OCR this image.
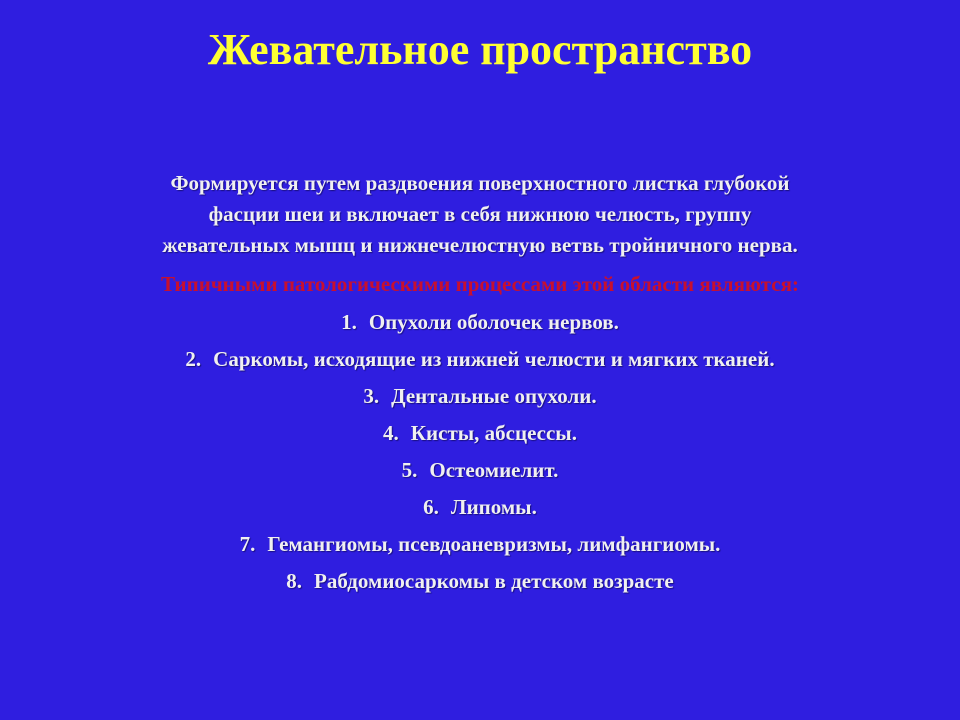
Жевательное пространство
Формируется путем раздвоения поверхностного листка глубокой
фасции шеи и включает в себя нижнюю челюсть, группу
жевательных мышц и нижнечелюстную ветвь тройничного нерва.
Типичными патологическими процессами этой области являются:
1. Опухоли оболочек нервов.
2. Саркомы, исходящие из нижней челюсти и мягких тканей.
3. Дентальные опухоли.
4. Кисты, абсцессы.
5. Остеомиелит.
6. Липомы.
7. Гемангиомы, псевдоаневризмы, лимфангиомы.
8. Рабдомиосаркомы в детском возрасте
